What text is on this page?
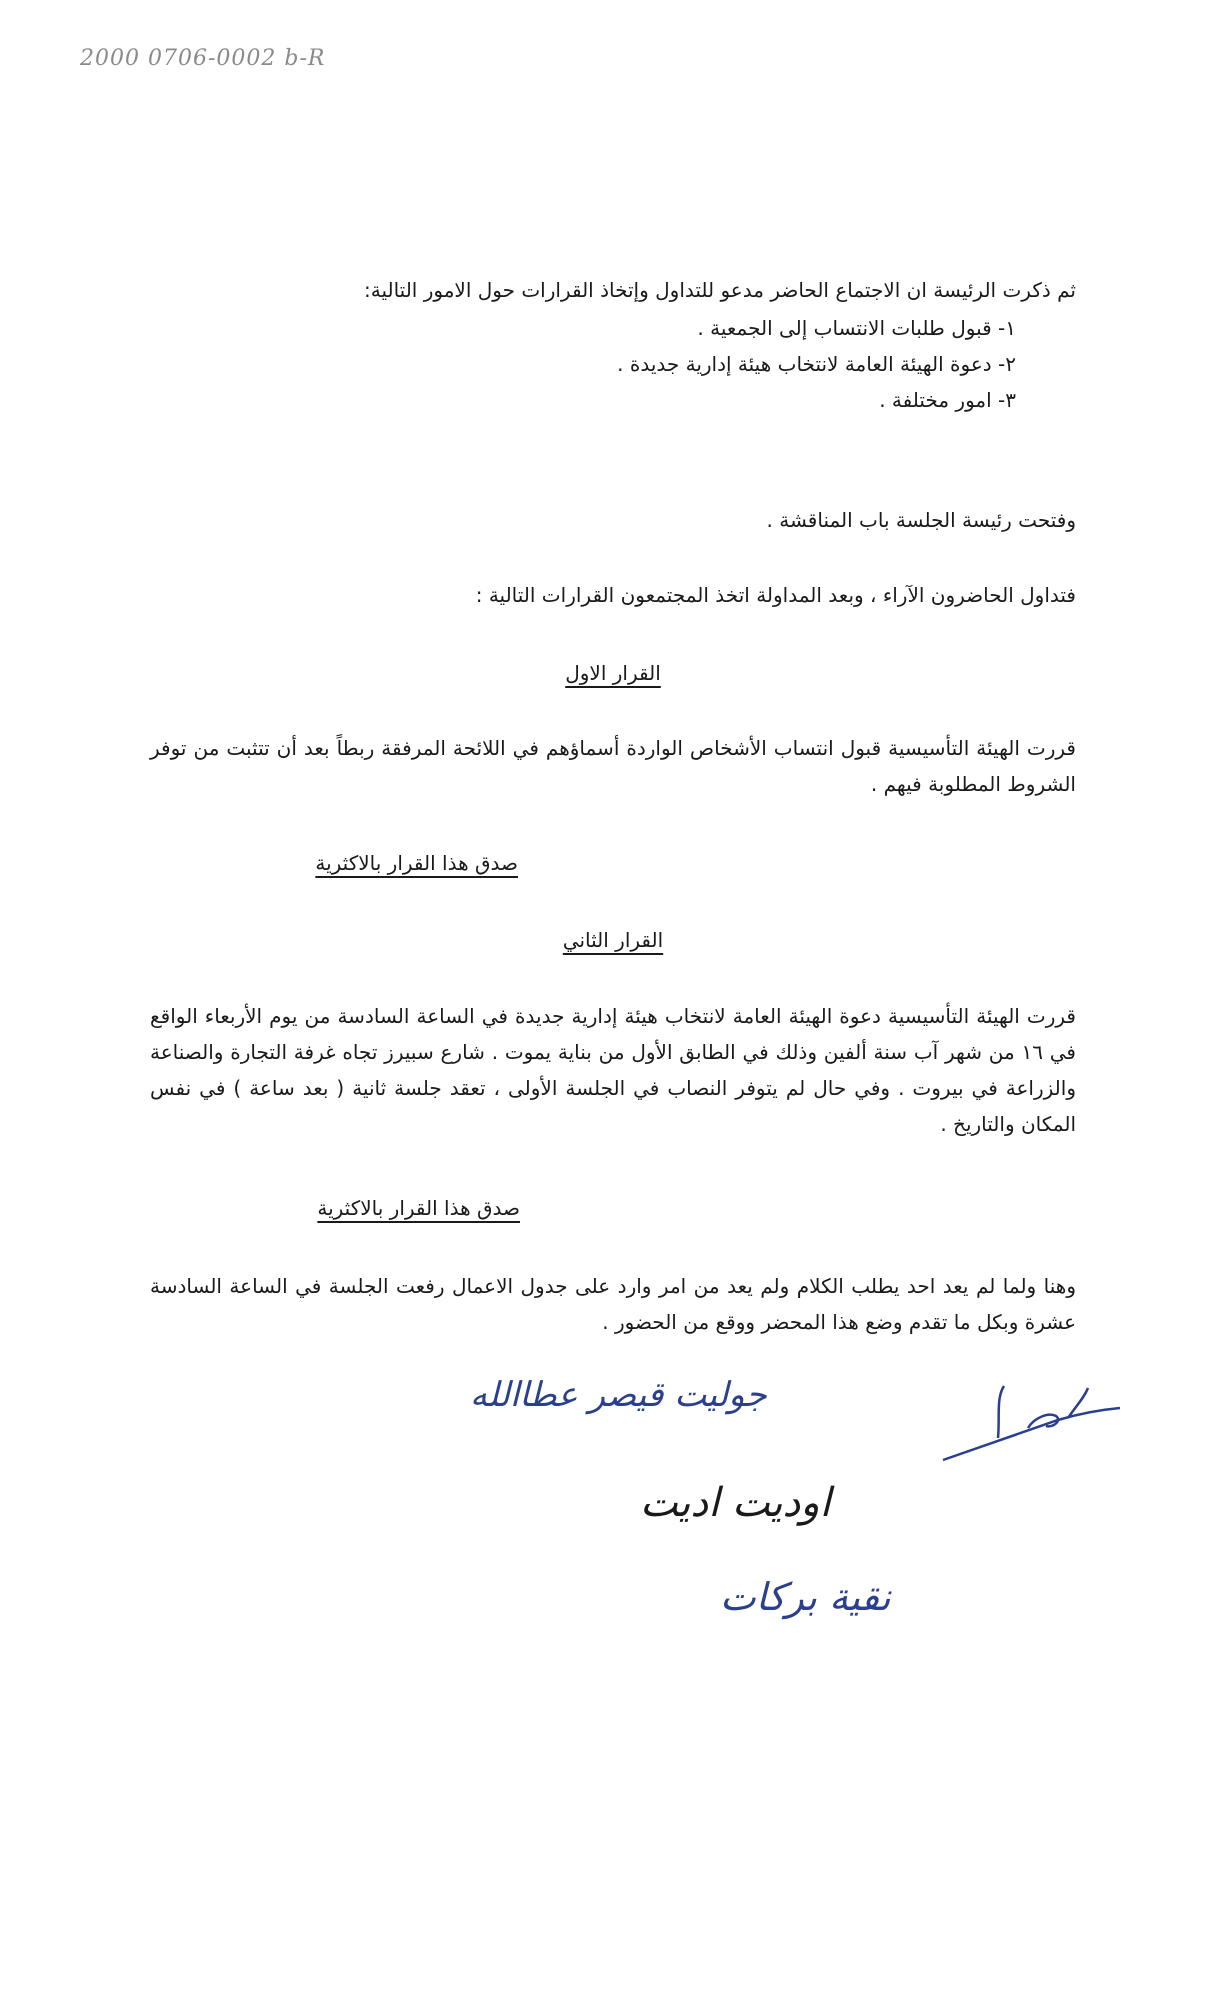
2000 0706-0002 b-R
ثم ذكرت الرئيسة ان الاجتماع الحاضر مدعو للتداول وإتخاذ القرارات حول الامور التالية:
١- قبول طلبات الانتساب إلى الجمعية .
٢- دعوة الهيئة العامة لانتخاب هيئة إدارية جديدة .
٣- امور مختلفة .
وفتحت رئيسة الجلسة باب المناقشة .
فتداول الحاضرون الآراء ، وبعد المداولة اتخذ المجتمعون القرارات التالية :
القرار الاول
قررت الهيئة التأسيسية قبول انتساب الأشخاص الواردة أسماؤهم في اللائحة المرفقة ربطاً بعد أن تتثبت من توفر الشروط المطلوبة فيهم .
صدق هذا القرار بالاكثرية
القرار الثاني
قررت الهيئة التأسيسية دعوة الهيئة العامة لانتخاب هيئة إدارية جديدة في الساعة السادسة من يوم الأربعاء الواقع في ١٦ من شهر آب سنة ألفين وذلك في الطابق الأول من بناية يموت . شارع سبيرز تجاه غرفة التجارة والصناعة والزراعة في بيروت . وفي حال لم يتوفر النصاب في الجلسة الأولى ، تعقد جلسة ثانية ( بعد ساعة ) في نفس المكان والتاريخ .
صدق هذا القرار بالاكثرية
وهنا ولما لم يعد احد يطلب الكلام ولم يعد من امر وارد على جدول الاعمال رفعت الجلسة في الساعة السادسة عشرة وبكل ما تقدم وضع هذا المحضر ووقع من الحضور .
جوليت قيصر عطاالله
اوديت اديت
نقية بركات
